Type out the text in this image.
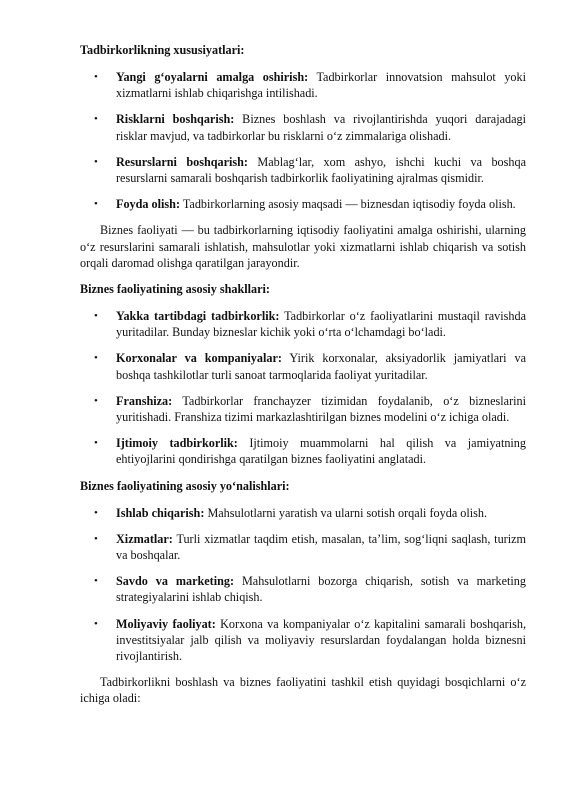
Tadbirkorlikning xususiyatlari:
• Yangi g‘oyalarni amalga oshirish: Tadbirkorlar innovatsion mahsulot yoki xizmatlarni ishlab chiqarishga intilishadi.
• Risklarni boshqarish: Biznes boshlash va rivojlantirishda yuqori darajadagi risklar mavjud, va tadbirkorlar bu risklarni o‘z zimmalariga olishadi.
• Resurslarni boshqarish: Mablag‘lar, xom ashyo, ishchi kuchi va boshqa resurslarni samarali boshqarish tadbirkorlik faoliyatining ajralmas qismidir.
• Foyda olish: Tadbirkorlarning asosiy maqsadi — biznesdan iqtisodiy foyda olish.

Biznes faoliyati — bu tadbirkorlarning iqtisodiy faoliyatini amalga oshirishi, ularning o‘z resurslarini samarali ishlatish, mahsulotlar yoki xizmatlarni ishlab chiqarish va sotish orqali daromad olishga qaratilgan jarayondir.

Biznes faoliyatining asosiy shakllari:
• Yakka tartibdagi tadbirkorlik: Tadbirkorlar o‘z faoliyatlarini mustaqil ravishda yuritadilar. Bunday bizneslar kichik yoki o‘rta o‘lchamdagi bo‘ladi.
• Korxonalar va kompaniyalar: Yirik korxonalar, aksiyadorlik jamiyatlari va boshqa tashkilotlar turli sanoat tarmoqlarida faoliyat yuritadilar.
• Franshiza: Tadbirkorlar franchayzer tizimidan foydalanib, o‘z bizneslarini yuritishadi. Franshiza tizimi markazlashtirilgan biznes modelini o‘z ichiga oladi.
• Ijtimoiy tadbirkorlik: Ijtimoiy muammolarni hal qilish va jamiyatning ehtiyojlarini qondirishga qaratilgan biznes faoliyatini anglatadi.
Biznes faoliyatining asosiy yo‘nalishlari:
• Ishlab chiqarish: Mahsulotlarni yaratish va ularni sotish orqali foyda olish.
• Xizmatlar: Turli xizmatlar taqdim etish, masalan, ta’lim, sog‘liqni saqlash, turizm va boshqalar.
• Savdo va marketing: Mahsulotlarni bozorga chiqarish, sotish va marketing strategiyalarini ishlab chiqish.
• Moliyaviy faoliyat: Korxona va kompaniyalar o‘z kapitalini samarali boshqarish, investitsiyalar jalb qilish va moliyaviy resurslardan foydalangan holda biznesni rivojlantirish.

Tadbirkorlikni boshlash va biznes faoliyatini tashkil etish quyidagi bosqichlarni o‘z ichiga oladi:
